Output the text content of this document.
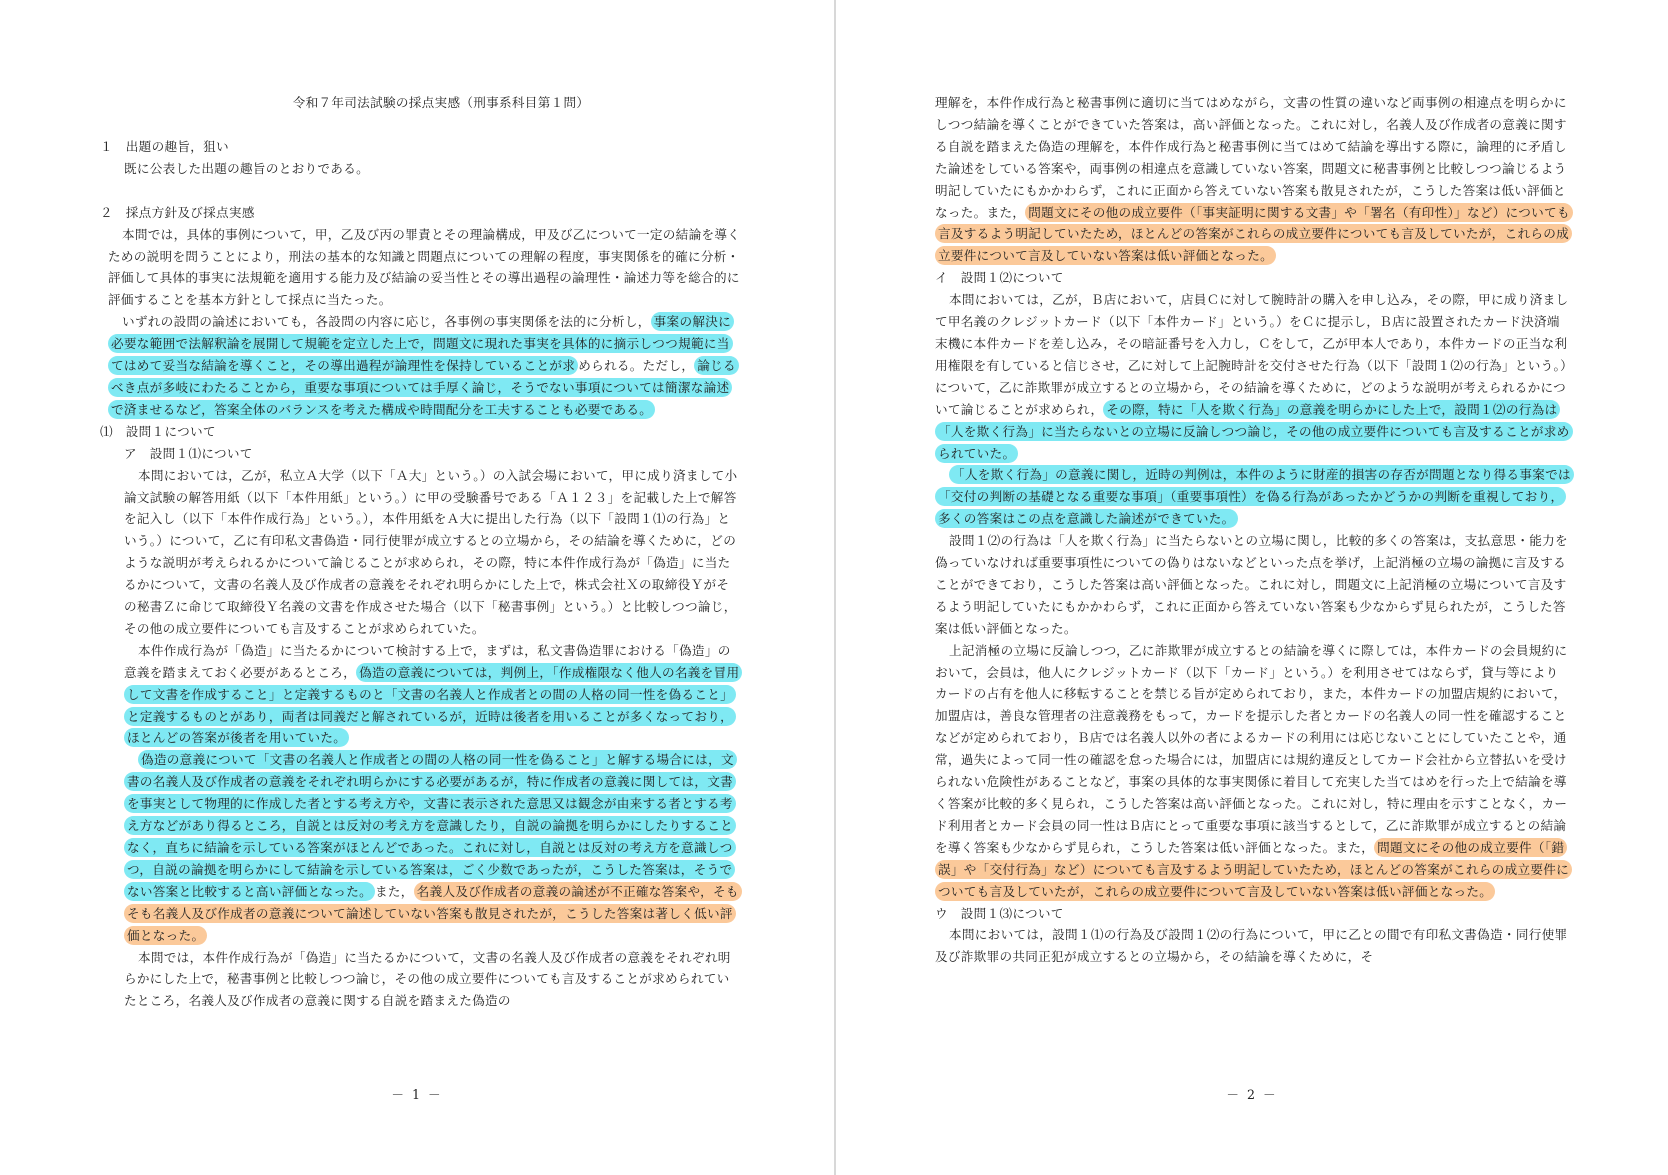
令和７年司法試験の採点実感（刑事系科目第１問）

１　出題の趣旨，狙い

既に公表した出題の趣旨のとおりである。

２　採点方針及び採点実感

本問では，具体的事例について，甲，乙及び丙の罪責とその理論構成，甲及び乙について一定の結論を導くための説明を問うことにより，刑法の基本的な知識と問題点についての理解の程度，事実関係を的確に分析・評価して具体的事実に法規範を適用する能力及び結論の妥当性とその導出過程の論理性・論述力等を総合的に評価することを基本方針として採点に当たった。

いずれの設問の論述においても，各設問の内容に応じ，各事例の事実関係を法的に分析し， 事案の解決に必要な範囲で法解釈論を展開して規範を定立した上で，問題文に現れた事実を具体的に摘示しつつ規範に当てはめて妥当な結論を導くこと，その導出過程が論理性を保持していることが求 められる。ただし， 論じるべき点が多岐にわたることから，重要な事項については手厚く論じ，そうでない事項については簡潔な論述で済ませるなど，答案全体のバランスを考えた構成や時間配分を工夫することも必要である。

⑴　設問１について

ア　設問１⑴について

本問においては，乙が，私立Ａ大学（以下「Ａ大」という。）の入試会場において，甲に成り済まして小論文試験の解答用紙（以下「本件用紙」という。）に甲の受験番号である「Ａ１２３」を記載した上で解答を記入し（以下「本件作成行為」という。），本件用紙をＡ大に提出した行為（以下「設問１⑴の行為」という。）について，乙に有印私文書偽造・同行使罪が成立するとの立場から，その結論を導くために，どのような説明が考えられるかについて論じることが求められ，その際，特に本件作成行為が「偽造」に当たるかについて，文書の名義人及び作成者の意義をそれぞれ明らかにした上で，株式会社Ｘの取締役Ｙがその秘書Ｚに命じて取締役Ｙ名義の文書を作成させた場合（以下「秘書事例」という。）と比較しつつ論じ，その他の成立要件についても言及することが求められていた。

本件作成行為が「偽造」に当たるかについて検討する上で，まずは，私文書偽造罪における「偽造」の意義を踏まえておく必要があるところ， 偽造の意義については，判例上，「作成権限なく他人の名義を冒用して文書を作成すること」と定義するものと「文書の名義人と作成者との間の人格の同一性を偽ること」と定義するものとがあり，両者は同義だと解されているが，近時は後者を用いることが多くなっており，ほとんどの答案が後者を用いていた。

偽造の意義について「文書の名義人と作成者との間の人格の同一性を偽ること」と解する場合には，文書の名義人及び作成者の意義をそれぞれ明らかにする必要があるが，特に作成者の意義に関しては，文書を事実として物理的に作成した者とする考え方や，文書に表示された意思又は観念が由来する者とする考え方などがあり得るところ，自説とは反対の考え方を意識したり，自説の論拠を明らかにしたりすることなく，直ちに結論を示している答案がほとんどであった。これに対し，自説とは反対の考え方を意識しつつ，自説の論拠を明らかにして結論を示している答案は，ごく少数であったが，こうした答案は，そうでない答案と比較すると高い評価となった。 また， 名義人及び作成者の意義の論述が不正確な答案や，そもそも名義人及び作成者の意義について論述していない答案も散見されたが，こうした答案は著しく低い評価となった。

本問では，本件作成行為が「偽造」に当たるかについて，文書の名義人及び作成者の意義をそれぞれ明らかにした上で，秘書事例と比較しつつ論じ，その他の成立要件についても言及することが求められていたところ，名義人及び作成者の意義に関する自説を踏まえた偽造の

－ 1 －

理解を，本件作成行為と秘書事例に適切に当てはめながら，文書の性質の違いなど両事例の相違点を明らかにしつつ結論を導くことができていた答案は，高い評価となった。これに対し，名義人及び作成者の意義に関する自説を踏まえた偽造の理解を，本件作成行為と秘書事例に当てはめて結論を導出する際に，論理的に矛盾した論述をしている答案や，両事例の相違点を意識していない答案，問題文に秘書事例と比較しつつ論じるよう明記していたにもかかわらず，これに正面から答えていない答案も散見されたが，こうした答案は低い評価となった。また， 問題文にその他の成立要件（「事実証明に関する文書」や「署名（有印性）」など）についても言及するよう明記していたため，ほとんどの答案がこれらの成立要件についても言及していたが，これらの成立要件について言及していない答案は低い評価となった。

イ　設問１⑵について

本問においては，乙が，Ｂ店において，店員Ｃに対して腕時計の購入を申し込み，その際，甲に成り済まして甲名義のクレジットカード（以下「本件カード」という。）をＣに提示し，Ｂ店に設置されたカード決済端末機に本件カードを差し込み，その暗証番号を入力し，Ｃをして，乙が甲本人であり，本件カードの正当な利用権限を有していると信じさせ，乙に対して上記腕時計を交付させた行為（以下「設問１⑵の行為」という。）について，乙に詐欺罪が成立するとの立場から，その結論を導くために，どのような説明が考えられるかについて論じることが求められ， その際，特に「人を欺く行為」の意義を明らかにした上で，設問１⑵の行為は「人を欺く行為」に当たらないとの立場に反論しつつ論じ，その他の成立要件についても言及することが求められていた。

「人を欺く行為」の意義に関し，近時の判例は，本件のように財産的損害の存否が問題となり得る事案では「交付の判断の基礎となる重要な事項」（重要事項性）を偽る行為があったかどうかの判断を重視しており，多くの答案はこの点を意識した論述ができていた。

設問１⑵の行為は「人を欺く行為」に当たらないとの立場に関し，比較的多くの答案は，支払意思・能力を偽っていなければ重要事項性についての偽りはないなどといった点を挙げ，上記消極の立場の論拠に言及することができており，こうした答案は高い評価となった。これに対し，問題文に上記消極の立場について言及するよう明記していたにもかかわらず，これに正面から答えていない答案も少なからず見られたが，こうした答案は低い評価となった。

上記消極の立場に反論しつつ，乙に詐欺罪が成立するとの結論を導くに際しては，本件カードの会員規約において，会員は，他人にクレジットカード（以下「カード」という。）を利用させてはならず，貸与等によりカードの占有を他人に移転することを禁じる旨が定められており，また，本件カードの加盟店規約において，加盟店は，善良な管理者の注意義務をもって，カードを提示した者とカードの名義人の同一性を確認することなどが定められており，Ｂ店では名義人以外の者によるカードの利用には応じないことにしていたことや，通常，過失によって同一性の確認を怠った場合には，加盟店には規約違反としてカード会社から立替払いを受けられない危険性があることなど，事案の具体的な事実関係に着目して充実した当てはめを行った上で結論を導く答案が比較的多く見られ，こうした答案は高い評価となった。これに対し，特に理由を示すことなく，カード利用者とカード会員の同一性はＢ店にとって重要な事項に該当するとして，乙に詐欺罪が成立するとの結論を導く答案も少なからず見られ，こうした答案は低い評価となった。また， 問題文にその他の成立要件（「錯誤」や「交付行為」など）についても言及するよう明記していたため，ほとんどの答案がこれらの成立要件についても言及していたが，これらの成立要件について言及していない答案は低い評価となった。

ウ　設問１⑶について

本問においては，設問１⑴の行為及び設問１⑵の行為について，甲に乙との間で有印私文書偽造・同行使罪及び詐欺罪の共同正犯が成立するとの立場から，その結論を導くために，そ

－ 2 －
